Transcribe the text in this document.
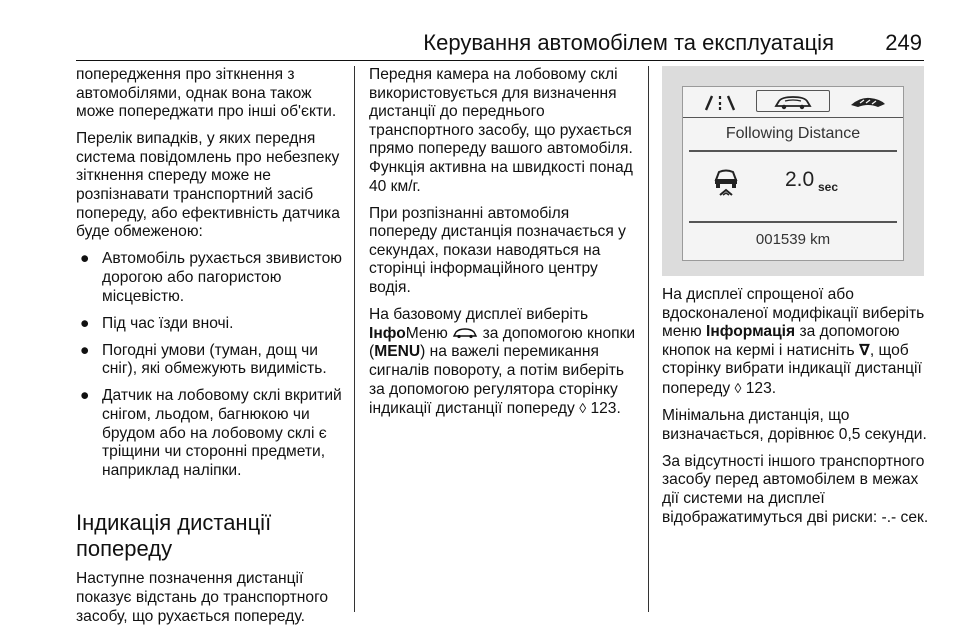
Керування автомобілем та експлуатація 249

попередження про зіткнення з автомобілями, однак вона також може попереджати про інші об'єкти.

Перелік випадків, у яких передня система повідомлень про небезпеку зіткнення спереду може не розпізнавати транспортний засіб попереду, або ефективність датчика буде обмеженою:

● Автомобіль рухається звивистою дорогою або пагористою місцевістю.
● Під час їзди вночі.
● Погодні умови (туман, дощ чи сніг), які обмежують видимість.
● Датчик на лобовому склі вкритий снігом, льодом, багнюкою чи брудом або на лобовому склі є тріщини чи сторонні предмети, наприклад наліпки.
Індикація дистанції попереду

Наступне позначення дистанції показує відстань до транспортного засобу, що рухається попереду.

Передня камера на лобовому склі використовується для визначення дистанції до переднього транспортного засобу, що рухається прямо попереду вашого автомобіля. Функція активна на швидкості понад 40 км/г.

При розпізнанні автомобіля попереду дистанція позначається у секундах, покази наводяться на сторінці інформаційного центру водія.

На базовому дисплеї виберіть ІнфоМеню за допомогою кнопки (MENU) на важелі перемикання сигналів повороту, а потім виберіть за допомогою регулятора сторінку індикації дистанції попереду ◊ 123.

Following Distance
2.0 sec
001539 km

На дисплеї спрощеної або вдосконаленої модифікації виберіть меню Інформація за допомогою кнопок на кермі і натисніть ∇, щоб сторінку вибрати індикації дистанції попереду ◊ 123.

Мінімальна дистанція, що визначається, дорівнює 0,5 секунди.

За відсутності іншого транспортного засобу перед автомобілем в межах дії системи на дисплеї відображатимуться дві риски: -.- сек.
